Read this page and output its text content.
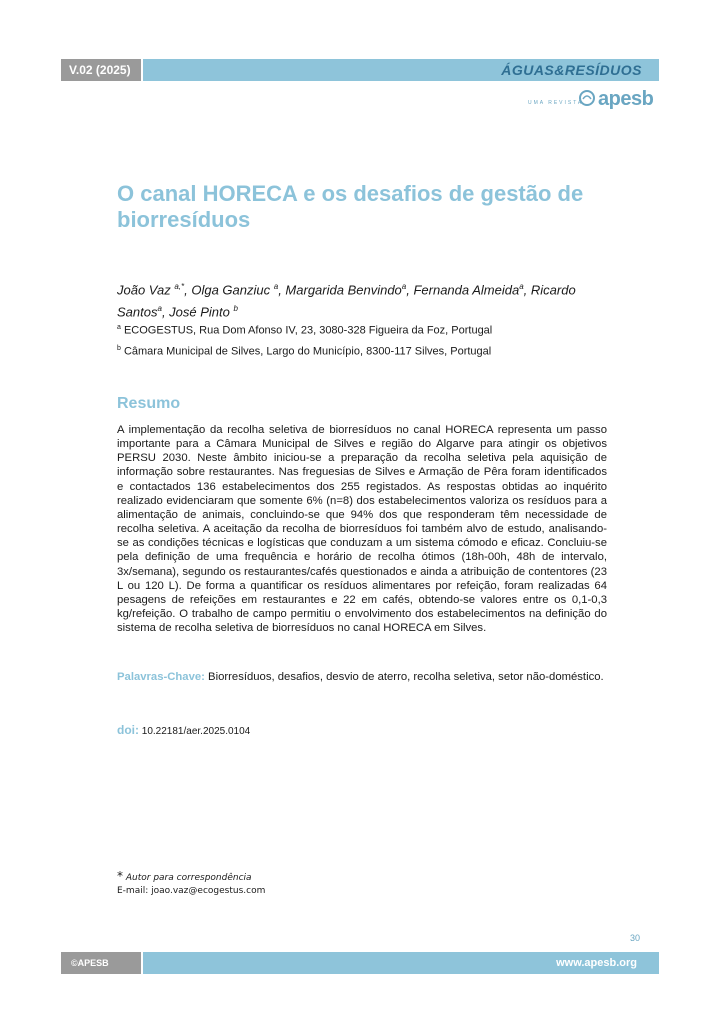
V.02 (2025)	ÁGUAS&RESÍDUOS
UMA REVISTA apesb
O canal HORECA e os desafios de gestão de biorresíduos

João Vaz $^{a,*}$, Olga Ganziuc $^a$, Margarida Benvindo$^a$, Fernanda Almeida$^a$, Ricardo Santos$^a$, José Pinto $^b$

$^a$ ECOGESTUS, Rua Dom Afonso IV, 23, 3080-328 Figueira da Foz, Portugal

$^b$ Câmara Municipal de Silves, Largo do Município, 8300-117 Silves, Portugal

Resumo

A implementação da recolha seletiva de biorresíduos no canal HORECA representa um passo importante para a Câmara Municipal de Silves e região do Algarve para atingir os objetivos PERSU 2030. Neste âmbito iniciou-se a preparação da recolha seletiva pela aquisição de informação sobre restaurantes. Nas freguesias de Silves e Armação de Pêra foram identificados e contactados 136 estabelecimentos dos 255 registados. As respostas obtidas ao inquérito realizado evidenciaram que somente 6% (n=8) dos estabelecimentos valoriza os resíduos para a alimentação de animais, concluindo-se que 94% dos que responderam têm necessidade de recolha seletiva. A aceitação da recolha de biorresíduos foi também alvo de estudo, analisando-se as condições técnicas e logísticas que conduzam a um sistema cómodo e eficaz. Concluiu-se pela definição de uma frequência e horário de recolha ótimos (18h-00h, 48h de intervalo, 3x/semana), segundo os restaurantes/cafés questionados e ainda a atribuição de contentores (23 L ou 120 L). De forma a quantificar os resíduos alimentares por refeição, foram realizadas 64 pesagens de refeições em restaurantes e 22 em cafés, obtendo-se valores entre os 0,1-0,3 kg/refeição. O trabalho de campo permitiu o envolvimento dos estabelecimentos na definição do sistema de recolha seletiva de biorresíduos no canal HORECA em Silves.

Palavras-Chave: Biorresíduos, desafios, desvio de aterro, recolha seletiva, setor não-doméstico.

doi: 10.22181/aer.2025.0104

* Autor para correspondência
E-mail: joao.vaz@ecogestus.com
30
©APESB	www.apesb.org
